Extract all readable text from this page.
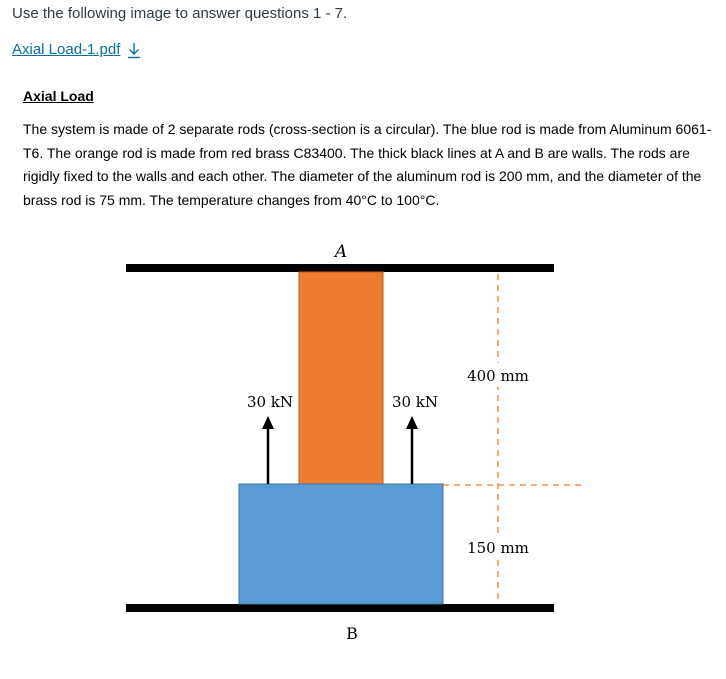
Use the following image to answer questions 1 - 7.

Axial Load-1.pdf

Axial Load

The system is made of 2 separate rods (cross-section is a circular). The blue rod is made from Aluminum 6061-T6. The orange rod is made from red brass C83400. The thick black lines at A and B are walls. The rods are rigidly fixed to the walls and each other. The diameter of the aluminum rod is 200 mm, and the diameter of the brass rod is 75 mm. The temperature changes from 40°C to 100°C.

A
B
30 kN	30 kN
400 mm
150 mm
